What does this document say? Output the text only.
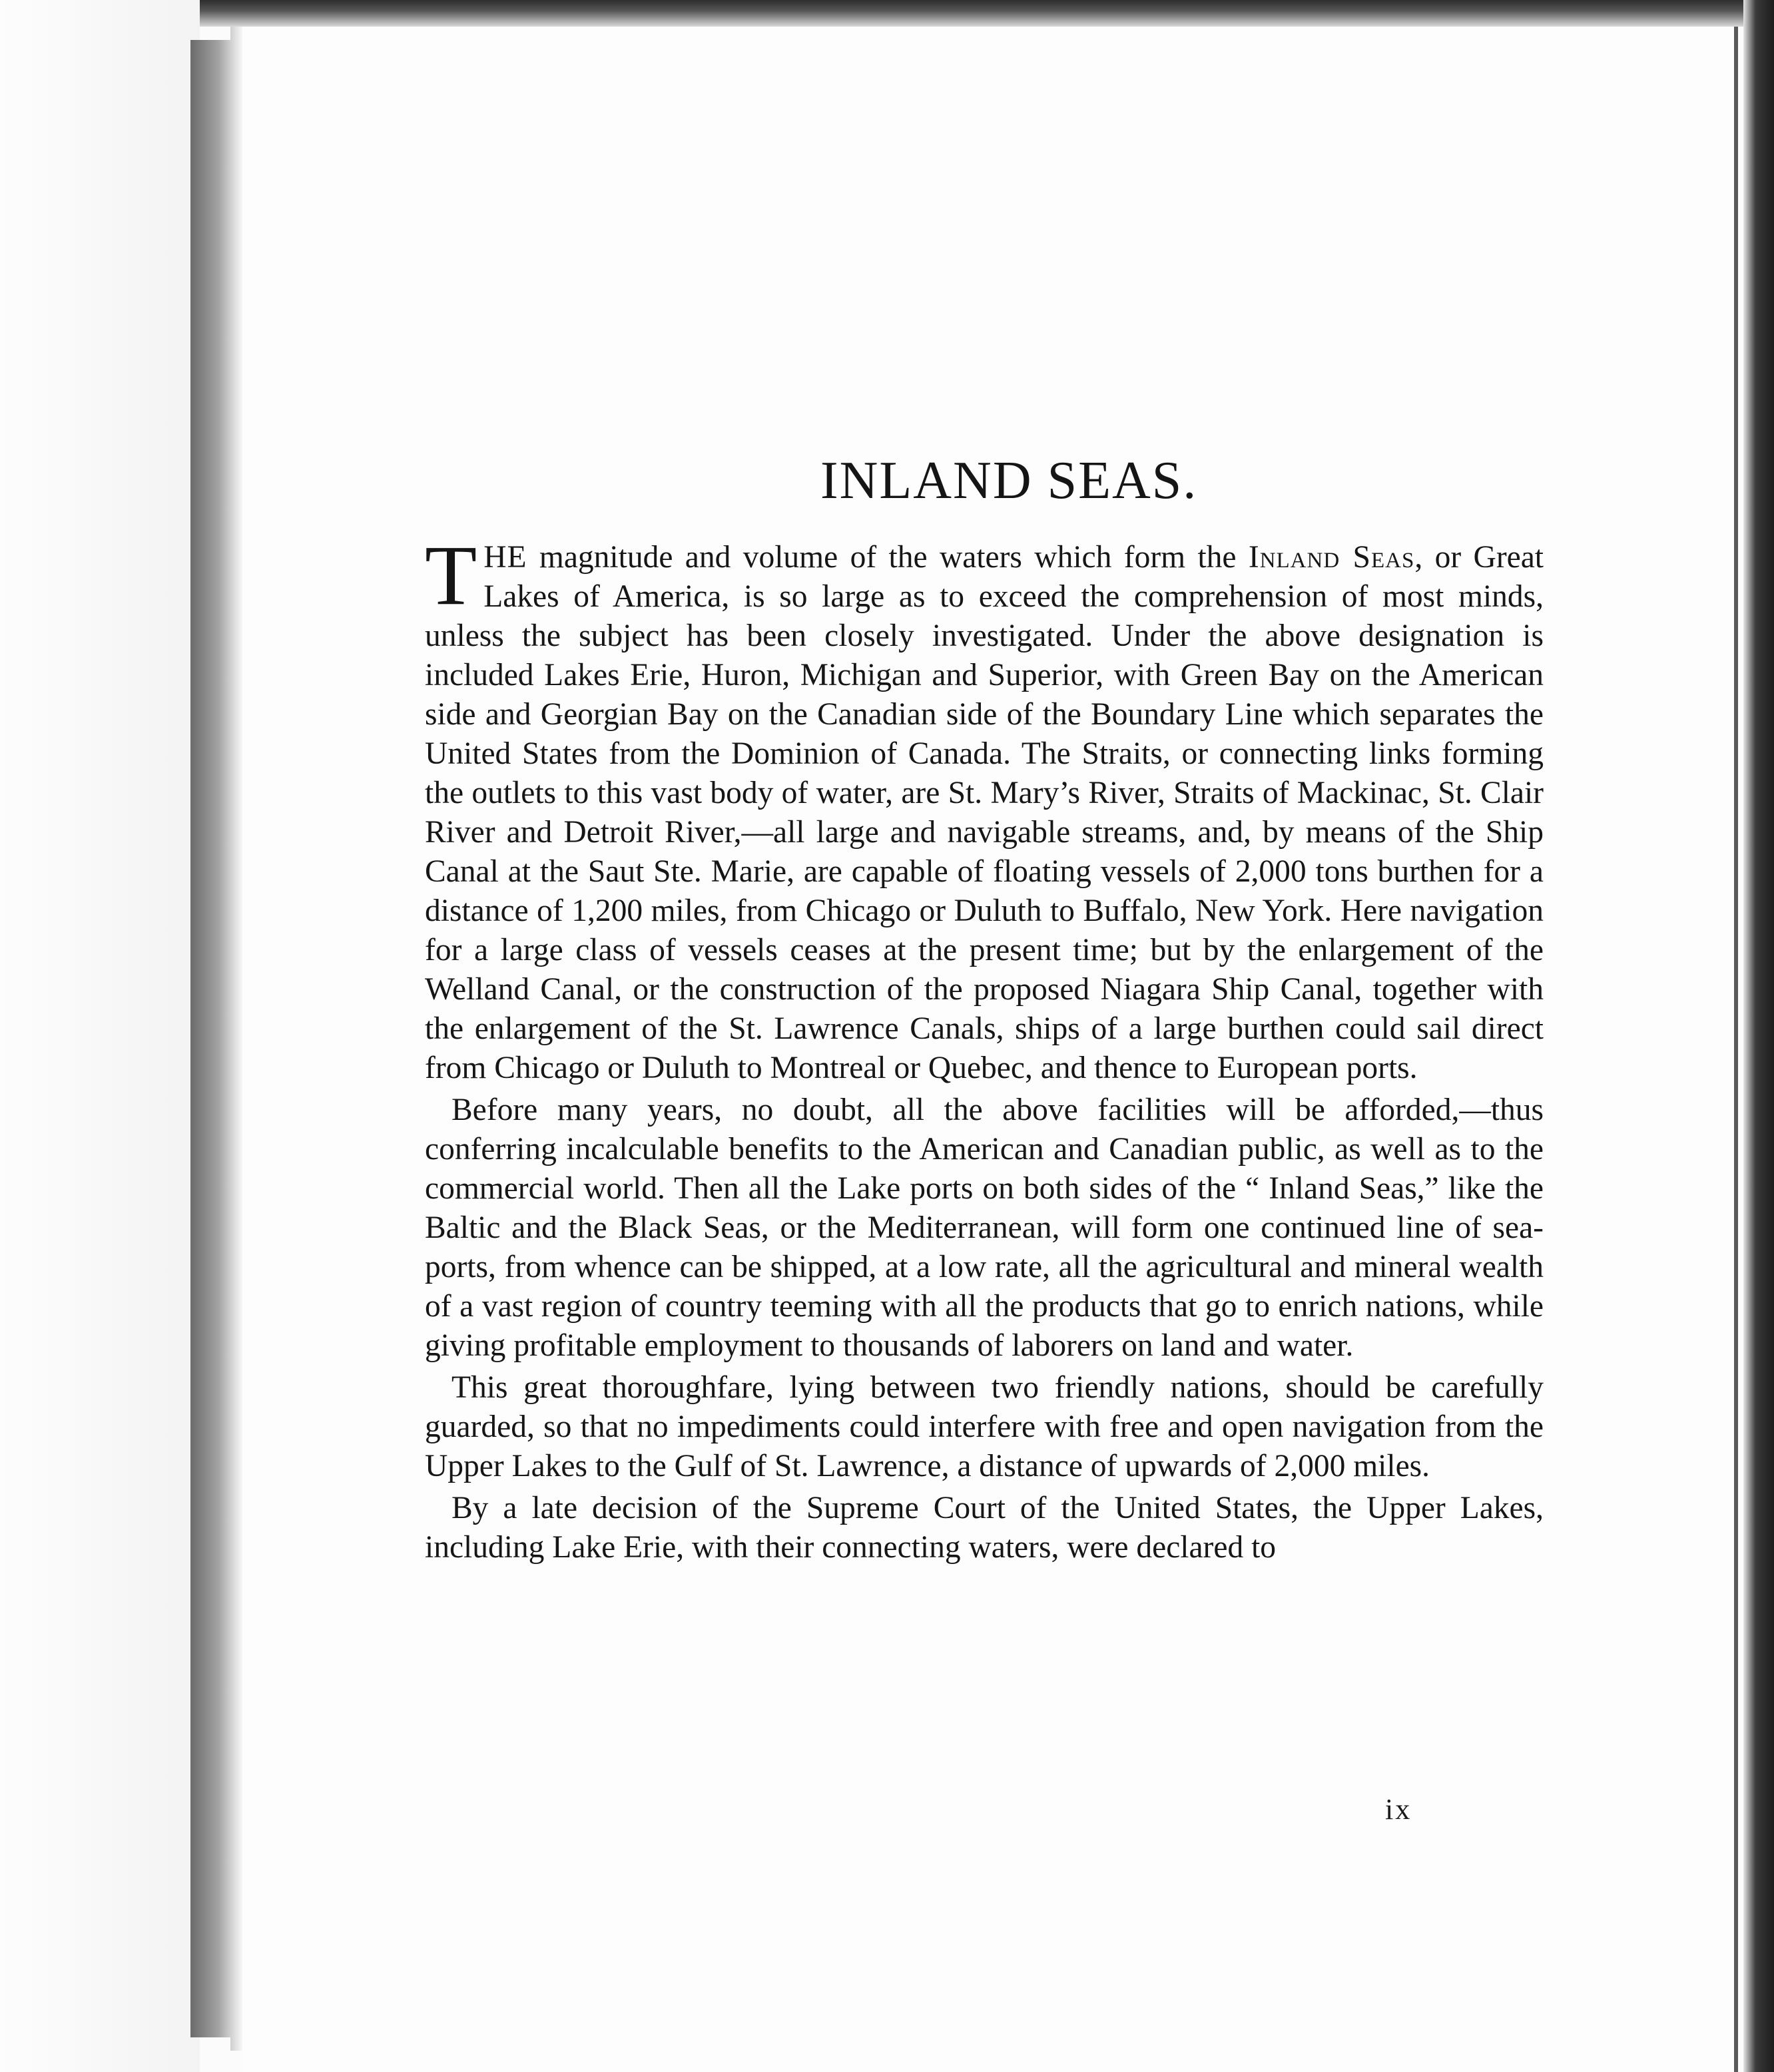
INLAND SEAS.

THE magnitude and volume of the waters which form the Inland Seas, or Great Lakes of America, is so large as to exceed the comprehension of most minds, unless the subject has been closely investigated. Under the above designation is included Lakes Erie, Huron, Michigan and Superior, with Green Bay on the American side and Georgian Bay on the Canadian side of the Boundary Line which separates the United States from the Dominion of Canada. The Straits, or connecting links forming the outlets to this vast body of water, are St. Mary’s River, Straits of Mackinac, St. Clair River and Detroit River,—all large and navigable streams, and, by means of the Ship Canal at the Saut Ste. Marie, are capable of floating vessels of 2,000 tons burthen for a distance of 1,200 miles, from Chicago or Duluth to Buffalo, New York. Here navigation for a large class of vessels ceases at the present time; but by the enlargement of the Welland Canal, or the construction of the proposed Niagara Ship Canal, together with the enlargement of the St. Lawrence Canals, ships of a large burthen could sail direct from Chicago or Duluth to Montreal or Quebec, and thence to European ports.

Before many years, no doubt, all the above facilities will be afforded,—thus conferring incalculable benefits to the American and Canadian public, as well as to the commercial world. Then all the Lake ports on both sides of the “ Inland Seas,” like the Baltic and the Black Seas, or the Mediterranean, will form one continued line of sea-ports, from whence can be shipped, at a low rate, all the agricultural and mineral wealth of a vast region of country teeming with all the products that go to enrich nations, while giving profitable employment to thousands of laborers on land and water.

This great thoroughfare, lying between two friendly nations, should be carefully guarded, so that no impediments could interfere with free and open navigation from the Upper Lakes to the Gulf of St. Lawrence, a distance of upwards of 2,000 miles.

By a late decision of the Supreme Court of the United States, the Upper Lakes, including Lake Erie, with their connecting waters, were declared to

ix
